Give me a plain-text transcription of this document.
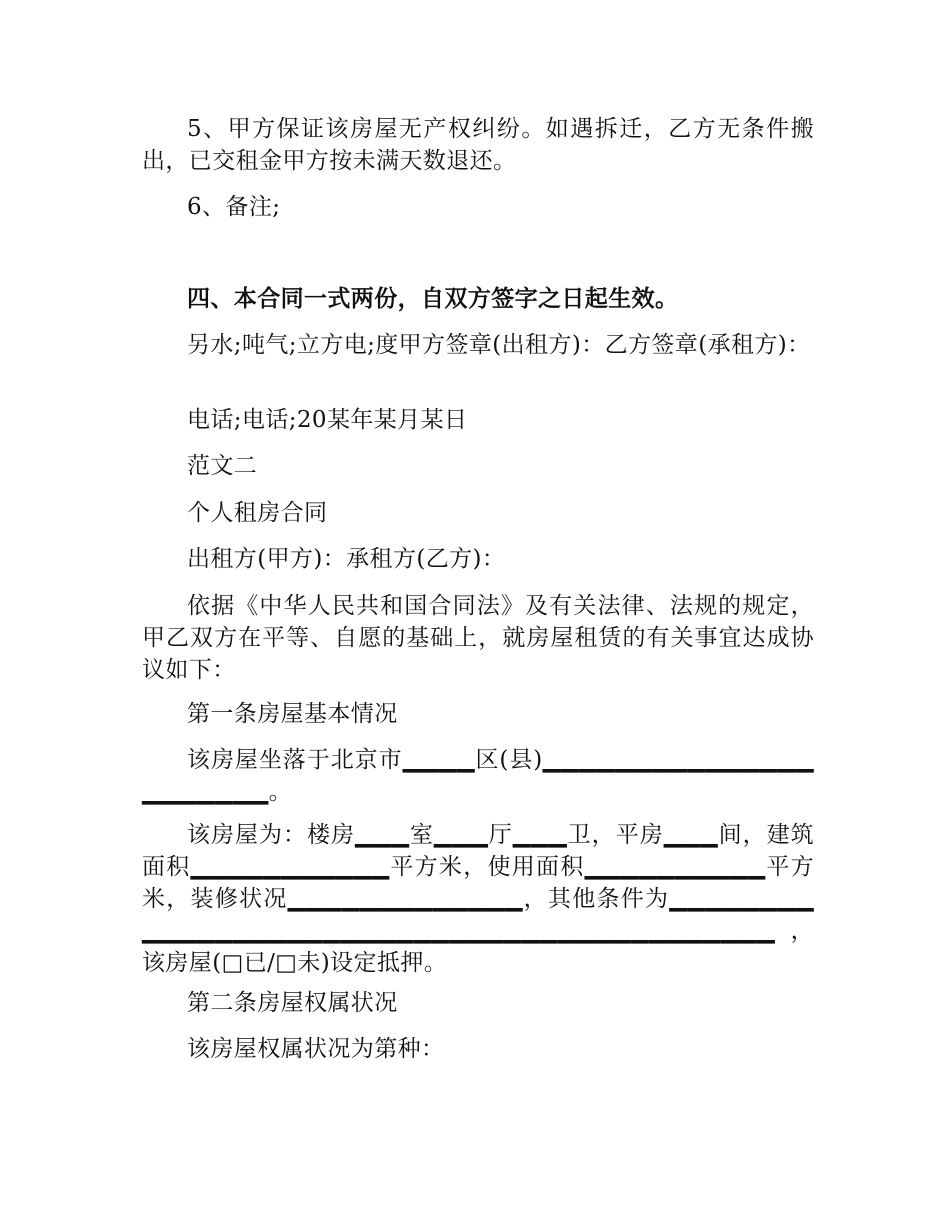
5、甲方保证该房屋无产权纠纷。如遇拆迁，乙方无条件搬出，已交租金甲方按未满天数退还。
6、备注;
四、本合同一式两份，自双方签字之日起生效。
另水;吨气;立方电;度甲方签章(出租方)：乙方签章(承租方)：
电话;电话;20某年某月某日
范文二
个人租房合同
出租方(甲方)：承租方(乙方)：
依据《中华人民共和国合同法》及有关法律、法规的规定，甲乙双方在平等、自愿的基础上，就房屋租赁的有关事宜达成协议如下：
第一条房屋基本情况
该房屋坐落于北京市▁▁▁▁区(县)▁▁▁▁▁▁▁▁▁▁▁▁▁▁▁▁▁▁▁▁▁▁。
该房屋为：楼房▁▁▁室▁▁▁厅▁▁▁卫，平房▁▁▁间，建筑面积▁▁▁▁▁▁▁▁▁▁▁平方米，使用面积▁▁▁▁▁▁▁▁▁▁平方米，装修状况▁▁▁▁▁▁▁▁▁▁▁▁▁，其他条件为▁▁▁▁▁▁▁▁▁▁▁▁▁▁▁▁▁▁▁▁▁▁▁▁▁▁▁▁▁▁▁▁▁▁▁▁▁▁▁▁▁▁▁，该房屋(□已/□未)设定抵押。
第二条房屋权属状况
该房屋权属状况为第种：
